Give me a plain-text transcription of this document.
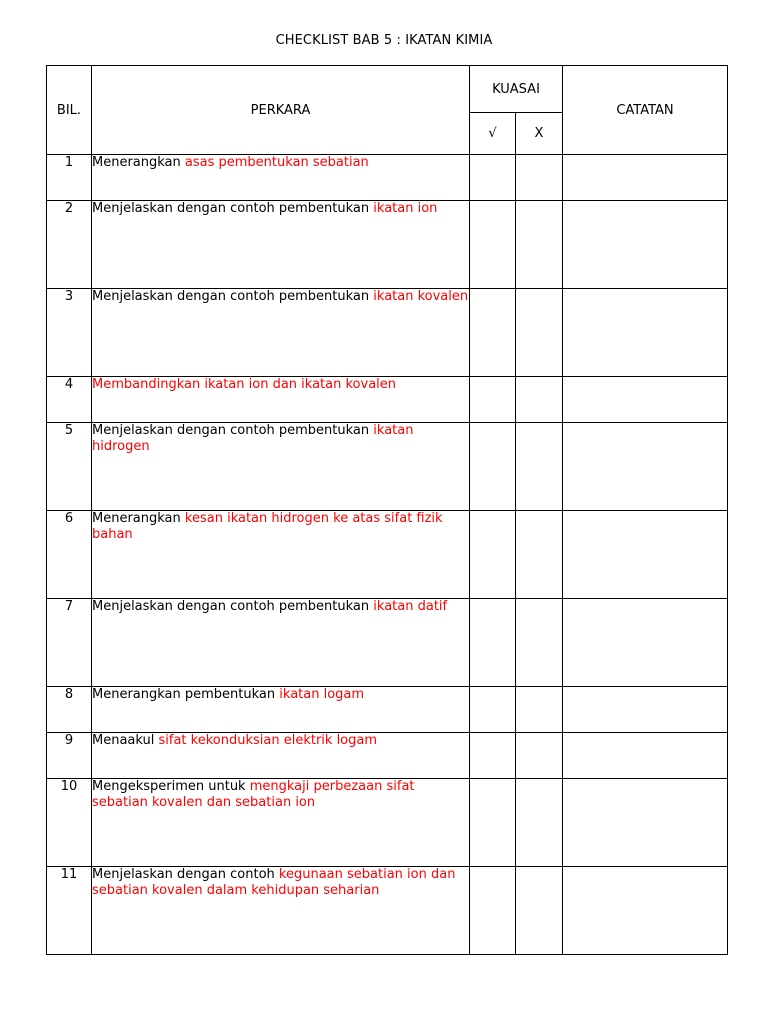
CHECKLIST BAB 5 : IKATAN KIMIA
BIL.	PERKARA	KUASAI		CATATAN
		√	X	
1	Menerangkan asas pembentukan sebatian			
2	Menjelaskan dengan contoh pembentukan ikatan ion			
3	Menjelaskan dengan contoh pembentukan ikatan kovalen			
4	Membandingkan ikatan ion dan ikatan kovalen			
5	Menjelaskan dengan contoh pembentukan ikatan hidrogen			
6	Menerangkan kesan ikatan hidrogen ke atas sifat fizik bahan			
7	Menjelaskan dengan contoh pembentukan ikatan datif			
8	Menerangkan pembentukan ikatan logam			
9	Menaakul sifat kekonduksian elektrik logam			
10	Mengeksperimen untuk mengkaji perbezaan sifat sebatian kovalen dan sebatian ion			
11	Menjelaskan dengan contoh kegunaan sebatian ion dan sebatian kovalen dalam kehidupan seharian			
